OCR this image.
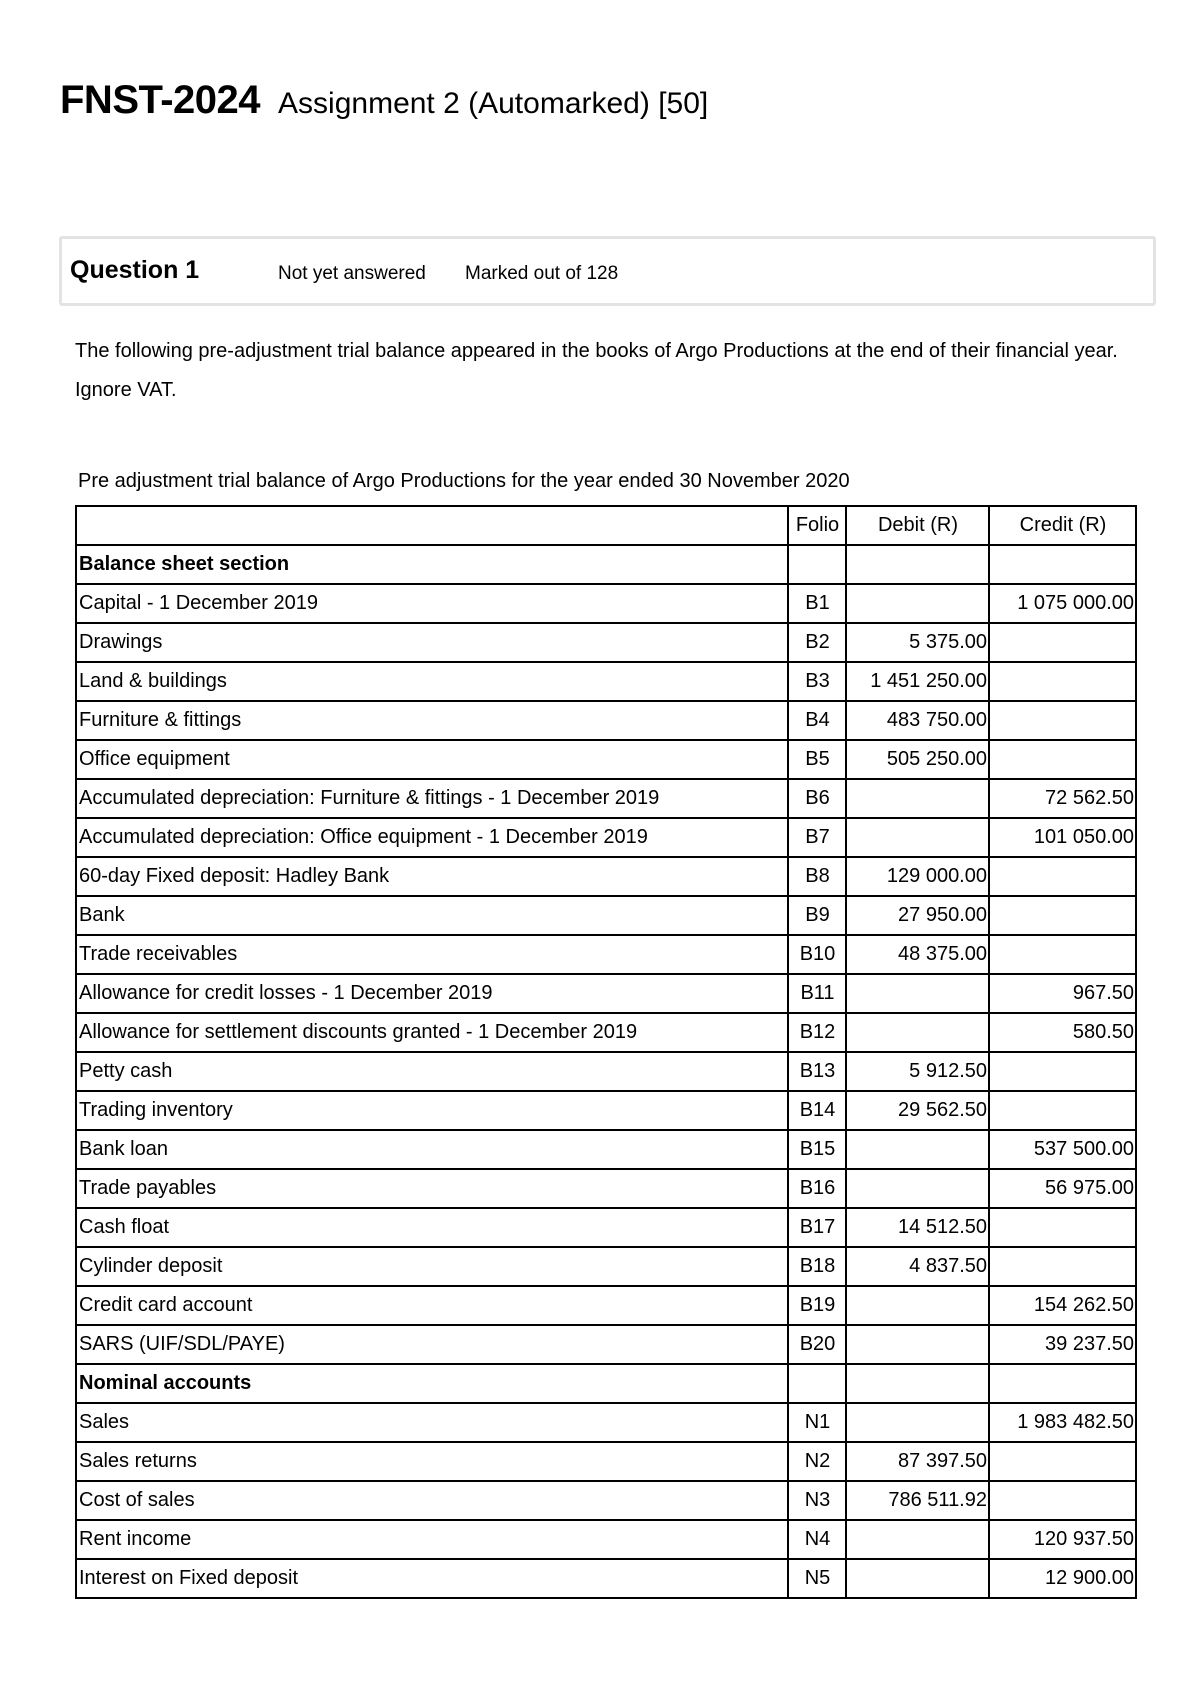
FNST-2024 Assignment 2 (Automarked) [50]
Question 1	Not yet answered Marked out of 128
The following pre-adjustment trial balance appeared in the books of Argo Productions at the end of their financial year. Ignore VAT.
Pre adjustment trial balance of Argo Productions for the year ended 30 November 2020
	Folio	Debit (R)	Credit (R)
Balance sheet section			
Capital - 1 December 2019	B1		1 075 000.00
Drawings	B2	5 375.00	
Land & buildings	B3	1 451 250.00	
Furniture & fittings	B4	483 750.00	
Office equipment	B5	505 250.00	
Accumulated depreciation: Furniture & fittings - 1 December 2019	B6		72 562.50
Accumulated depreciation: Office equipment - 1 December 2019	B7		101 050.00
60-day Fixed deposit: Hadley Bank	B8	129 000.00	
Bank	B9	27 950.00	
Trade receivables	B10	48 375.00	
Allowance for credit losses - 1 December 2019	B11		967.50
Allowance for settlement discounts granted - 1 December 2019	B12		580.50
Petty cash	B13	5 912.50	
Trading inventory	B14	29 562.50	
Bank loan	B15		537 500.00
Trade payables	B16		56 975.00
Cash float	B17	14 512.50	
Cylinder deposit	B18	4 837.50	
Credit card account	B19		154 262.50
SARS (UIF/SDL/PAYE)	B20		39 237.50
Nominal accounts			
Sales	N1		1 983 482.50
Sales returns	N2	87 397.50	
Cost of sales	N3	786 511.92	
Rent income	N4		120 937.50
Interest on Fixed deposit	N5		12 900.00
